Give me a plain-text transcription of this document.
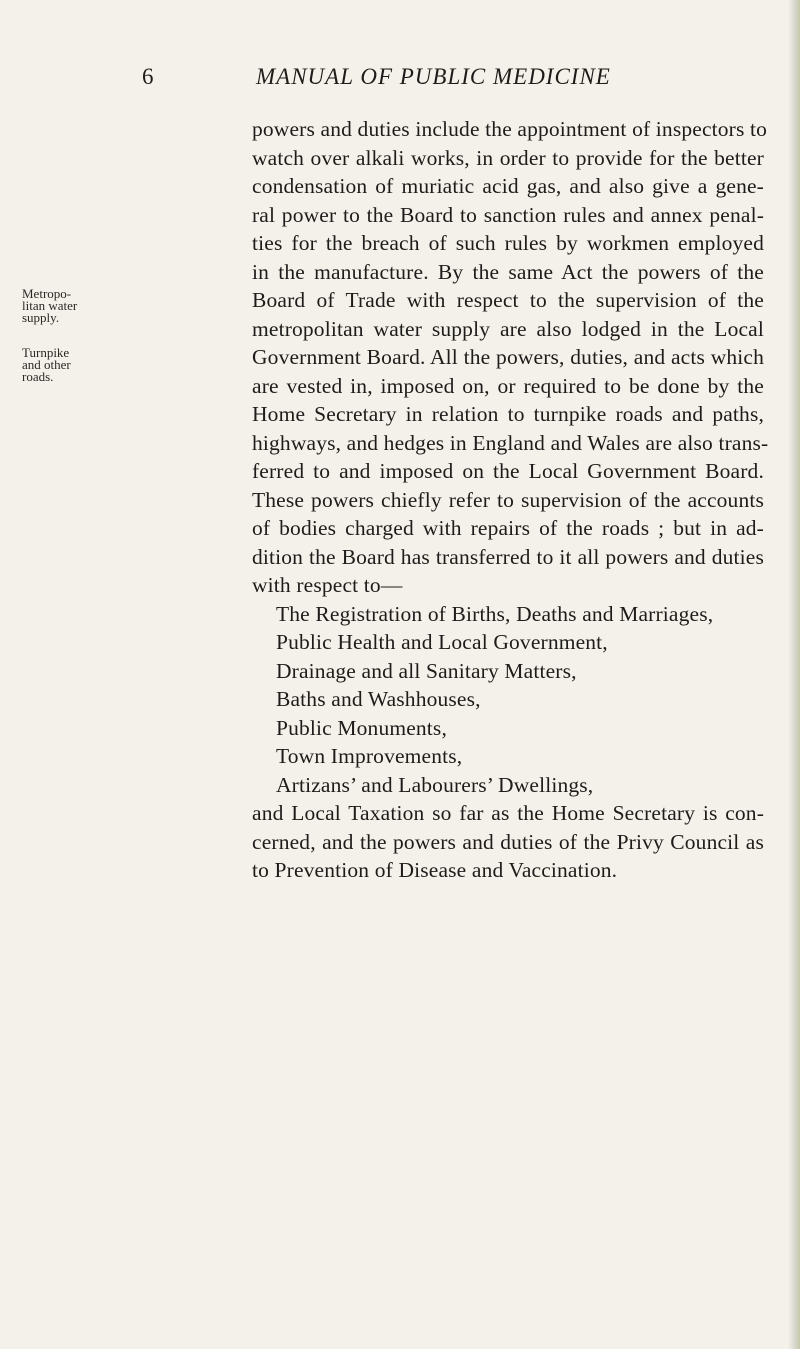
6	MANUAL OF PUBLIC MEDICINE
Metropo-
litan water
supply.
Turnpike
and other
roads.
powers and duties include the appointment of inspectors to
watch over alkali works, in order to provide for the better
condensation of muriatic acid gas, and also give a gene-
ral power to the Board to sanction rules and annex penal-
ties for the breach of such rules by workmen employed
in the manufacture. By the same Act the powers of the
Board of Trade with respect to the supervision of the
metropolitan water supply are also lodged in the Local
Government Board. All the powers, duties, and acts which
are vested in, imposed on, or required to be done by the
Home Secretary in relation to turnpike roads and paths,
highways, and hedges in England and Wales are also trans-
ferred to and imposed on the Local Government Board.
These powers chiefly refer to supervision of the accounts
of bodies charged with repairs of the roads ; but in ad-
dition the Board has transferred to it all powers and duties
with respect to—
The Registration of Births, Deaths and Marriages,
Public Health and Local Government,
Drainage and all Sanitary Matters,
Baths and Washhouses,
Public Monuments,
Town Improvements,
Artizans’ and Labourers’ Dwellings,
and Local Taxation so far as the Home Secretary is con-
cerned, and the powers and duties of the Privy Council as
to Prevention of Disease and Vaccination.
